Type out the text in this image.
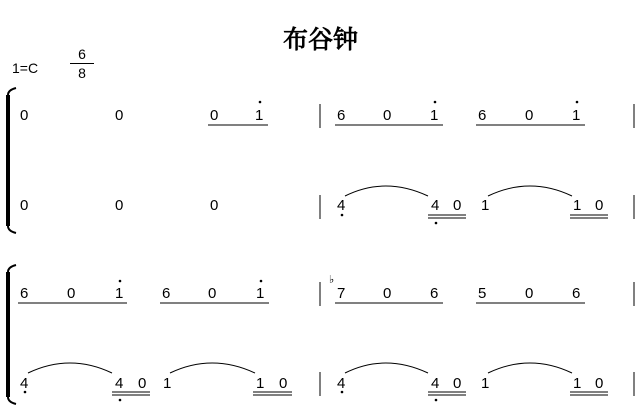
布谷钟
1=C
6
8
♭
0	0	0 1	6	0	1	6	0	1
0	0	0	4	4 0 1	1 0
6	0	1	6	0	1	7	0	6	5	0	6
4	4 0 1	1 0	4	4 0 1	1 0
